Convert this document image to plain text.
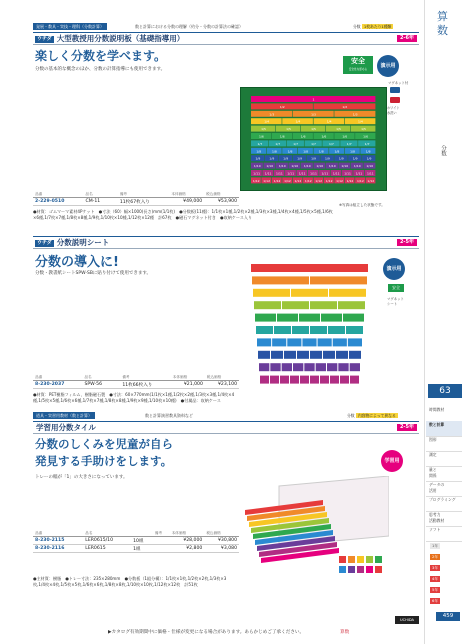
算
数
分数
63
時間教材
数と計算
図形
測定
量と
関係
データの
活用
プログラミング
思考力
活動教材
ソフト
1年
2年
3年
4年
5年
6年
459
発展・教具・実技・理科（分数計算）	数と計算における分数の理解（約分・分数の計算法の確認）	分数 1枚あたり1種類
ウチダ 大型教授用分数説明板（基礎指導用）	2-6年
楽しく分数を学べます。
分数の基本的な概念のほか、分数の計算指導にも使用できます。
安全
安全性を認める
演示用
マグネット付
ホワイト
水洗い
1
1/2	1/2
1/3	1/3	1/3
1/4	1/4	1/4	1/4
1/5	1/5	1/5	1/5	1/5
1/6	1/6	1/6	1/6	1/6	1/6
1/7	1/7	1/7	1/7	1/7	1/7	1/7
1/8	1/8	1/8	1/8	1/8	1/8	1/8	1/8
1/9	1/9	1/9	1/9	1/9	1/9	1/9	1/9	1/9
1/10 1/10 1/10 1/10 1/10 1/10 1/10 1/10 1/10 1/10
1/11 1/11 1/11 1/11 1/11 1/11 1/11 1/11 1/11 1/11 1/11
1/12 1/12 1/12 1/12 1/12 1/12 1/12 1/12 1/12 1/12 1/12 1/12
※写真は組立した状態です。
品番	品名		備考	本体価格	税込価格
2-229-0510	CM-11		11枚67枚入り	¥49,000	¥53,900
●材質：ゴムマーマ素材4Pケット　●寸法（60）幅×1000(長さ)mm(1/1枚)　●分数板(11種)：1/1枚×1種,1/2枚×2種,1/3枚×3種,1/4枚×4種,1/5枚×5種,1/6枚×6種,1/7枚×7種,1/8枚×8種,1/9枚,1/10枚×10種,1/12枚×12種　計67枚　●磁石マグネット付き　●収納ケース入り
ウチダ 分数説明シート	2-5年
分数の導入に!
分数・教書紙シートSPW-SBに貼り付けて使用できます。
演示用
安全
マグネット
シート
品番	品名		備考	本体価格	税込価格
8-230-2037	SPW-56		11枚66枚入り	¥21,000	¥23,100
●材質：PET樹脂フィルム、樹脂磁石製　●寸法：60×770mm(1/1枚×1種,1/2枚×2種,1/3枚×3種,1/4枚×4種,1/5枚×5種,1/6枚×6種,1/7枚×7種,1/8枚×8種,1/9枚×9種,1/10枚×10種)　●付属品：収納ケース
道具・実習用教材（数と計算）	数と計算演習教具資料など	分数 内容物によって異なる
学習用分数タイル	2-5年
分数のしくみを児童が自ら
発見する手助けをします。
トレーの幅が「1」の大きさになっています。
学習用
品番	品名		備考	本体価格	税込価格
8-230-2115	LER0615/10	10組		¥28,000	¥30,800
8-230-2116	LER0615	1組		¥2,800	¥3,080
●主材質：樹脂　●トレー寸法：235×280mm　●分数板（1組分構）：1/1枚×1枚,1/2枚×2枚,1/3枚×3枚,1/4枚×4枚,1/5枚×5枚,1/6枚×6枚,1/8枚×8枚,1/10枚×10枚,1/12枚×12枚　計51枚
UCHIDA
▶カタログ有効期間中に価格・仕様が変更になる場合があります。あらかじめご了承ください。	算数
